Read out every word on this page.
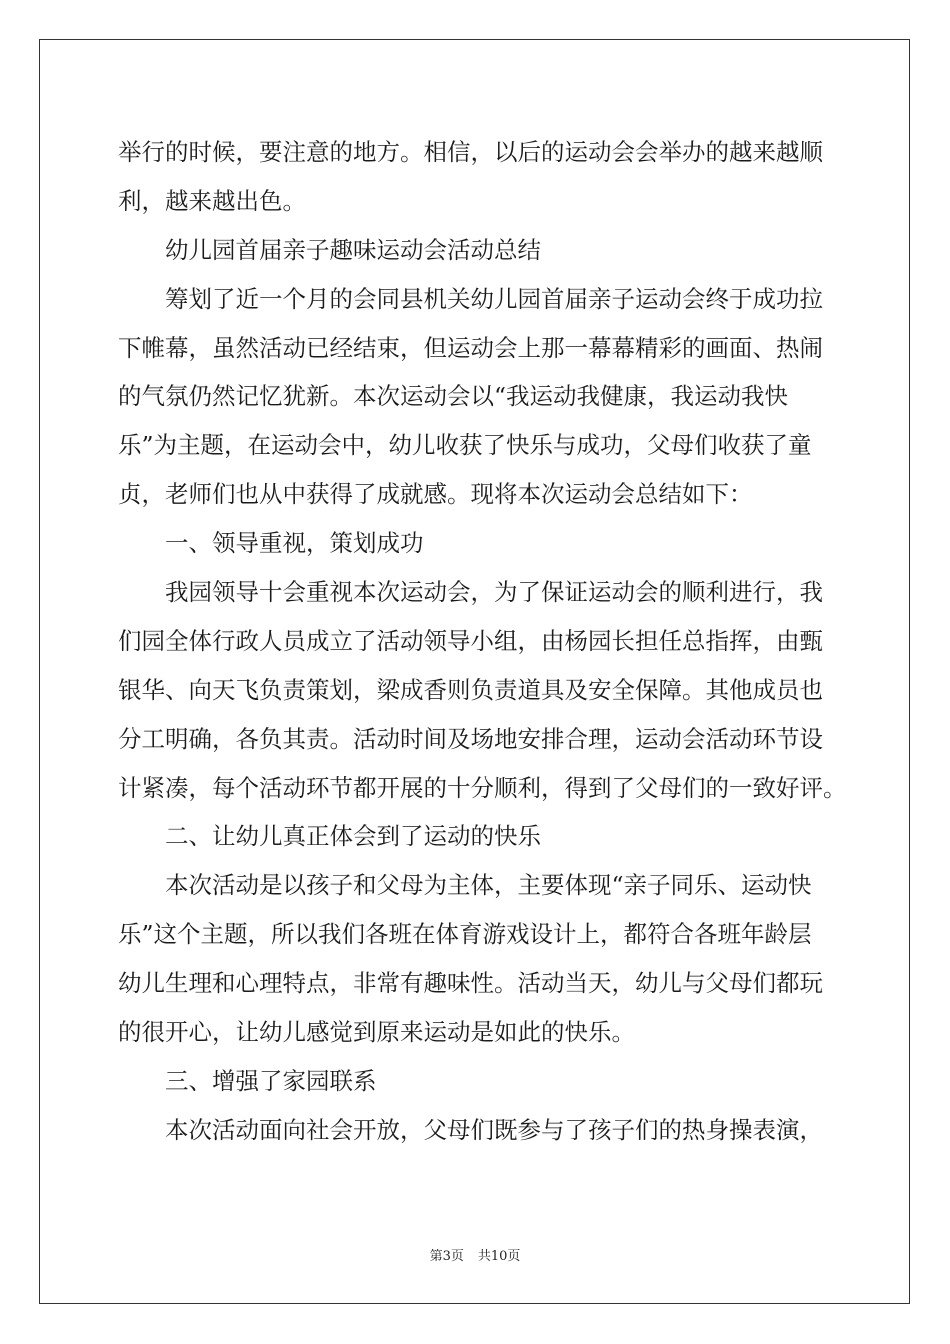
举行的时候，要注意的地方。相信，以后的运动会会举办的越来越顺
利，越来越出色。
幼儿园首届亲子趣味运动会活动总结
筹划了近一个月的会同县机关幼儿园首届亲子运动会终于成功拉
下帷幕，虽然活动已经结束，但运动会上那一幕幕精彩的画面、热闹
的气氛仍然记忆犹新。本次运动会以“我运动我健康，我运动我快
乐”为主题，在运动会中，幼儿收获了快乐与成功，父母们收获了童
贞，老师们也从中获得了成就感。现将本次运动会总结如下：
一、领导重视，策划成功
我园领导十会重视本次运动会，为了保证运动会的顺利进行，我
们园全体行政人员成立了活动领导小组，由杨园长担任总指挥，由甄
银华、向天飞负责策划，梁成香则负责道具及安全保障。其他成员也
分工明确，各负其责。活动时间及场地安排合理，运动会活动环节设
计紧凑，每个活动环节都开展的十分顺利，得到了父母们的一致好评。
二、让幼儿真正体会到了运动的快乐
本次活动是以孩子和父母为主体，主要体现“亲子同乐、运动快
乐”这个主题，所以我们各班在体育游戏设计上，都符合各班年龄层
幼儿生理和心理特点，非常有趣味性。活动当天，幼儿与父母们都玩
的很开心，让幼儿感觉到原来运动是如此的快乐。
三、增强了家园联系
本次活动面向社会开放，父母们既参与了孩子们的热身操表演，
第3页 共10页
